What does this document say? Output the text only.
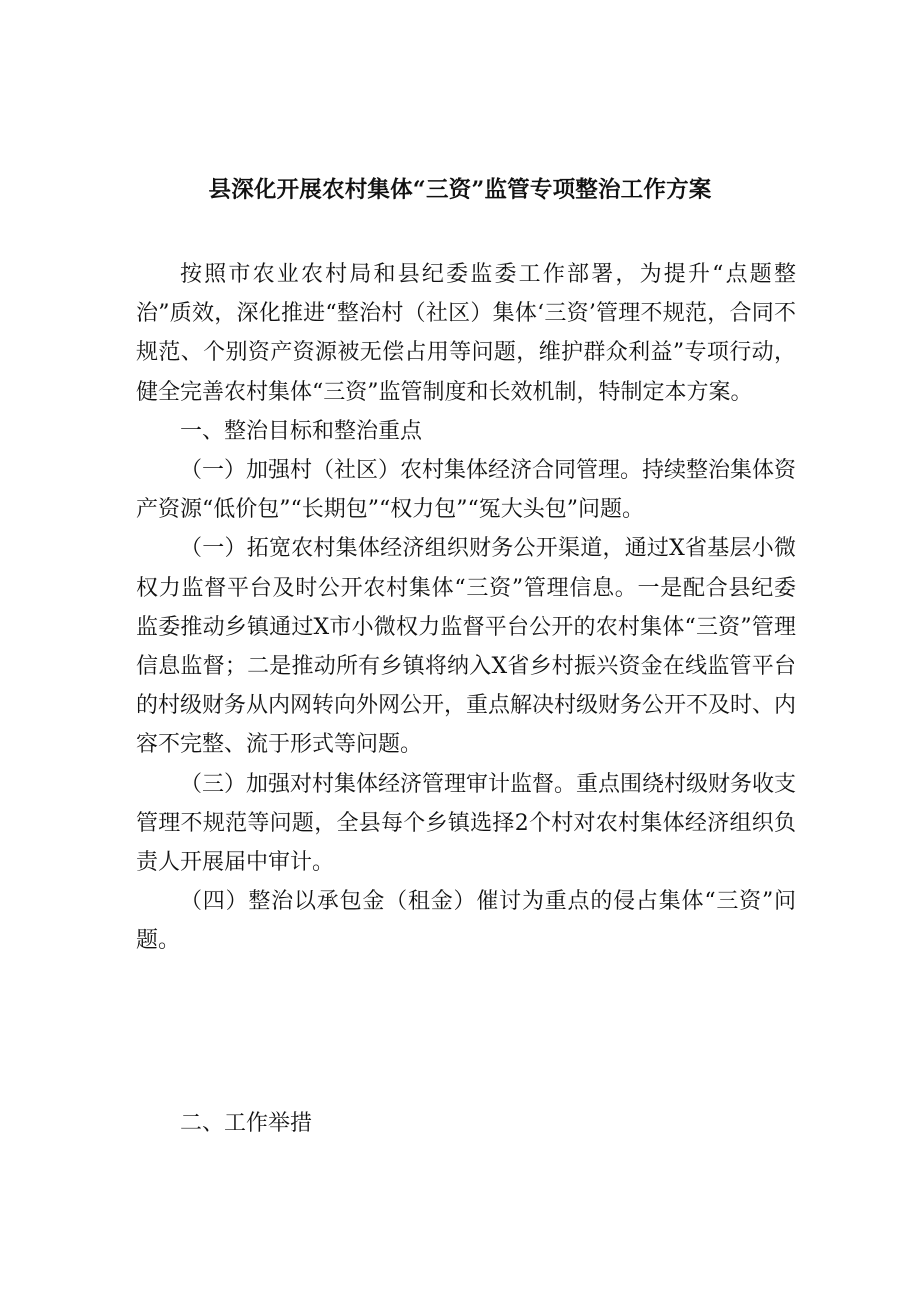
县深化开展农村集体“三资”监管专项整治工作方案

按照市农业农村局和县纪委监委工作部署，为提升“点题整治”质效，深化推进“整治村（社区）集体‘三资’管理不规范，合同不规范、个别资产资源被无偿占用等问题，维护群众利益”专项行动，健全完善农村集体“三资”监管制度和长效机制，特制定本方案。

一、整治目标和整治重点

（一）加强村（社区）农村集体经济合同管理。持续整治集体资产资源“低价包”“长期包”“权力包”“冤大头包”问题。

（一）拓宽农村集体经济组织财务公开渠道，通过X省基层小微权力监督平台及时公开农村集体“三资”管理信息。一是配合县纪委监委推动乡镇通过X市小微权力监督平台公开的农村集体“三资”管理信息监督；二是推动所有乡镇将纳入X省乡村振兴资金在线监管平台的村级财务从内网转向外网公开，重点解决村级财务公开不及时、内容不完整、流于形式等问题。

（三）加强对村集体经济管理审计监督。重点围绕村级财务收支管理不规范等问题，全县每个乡镇选择2个村对农村集体经济组织负责人开展届中审计。

（四）整治以承包金（租金）催讨为重点的侵占集体“三资”问题。

二、工作举措
